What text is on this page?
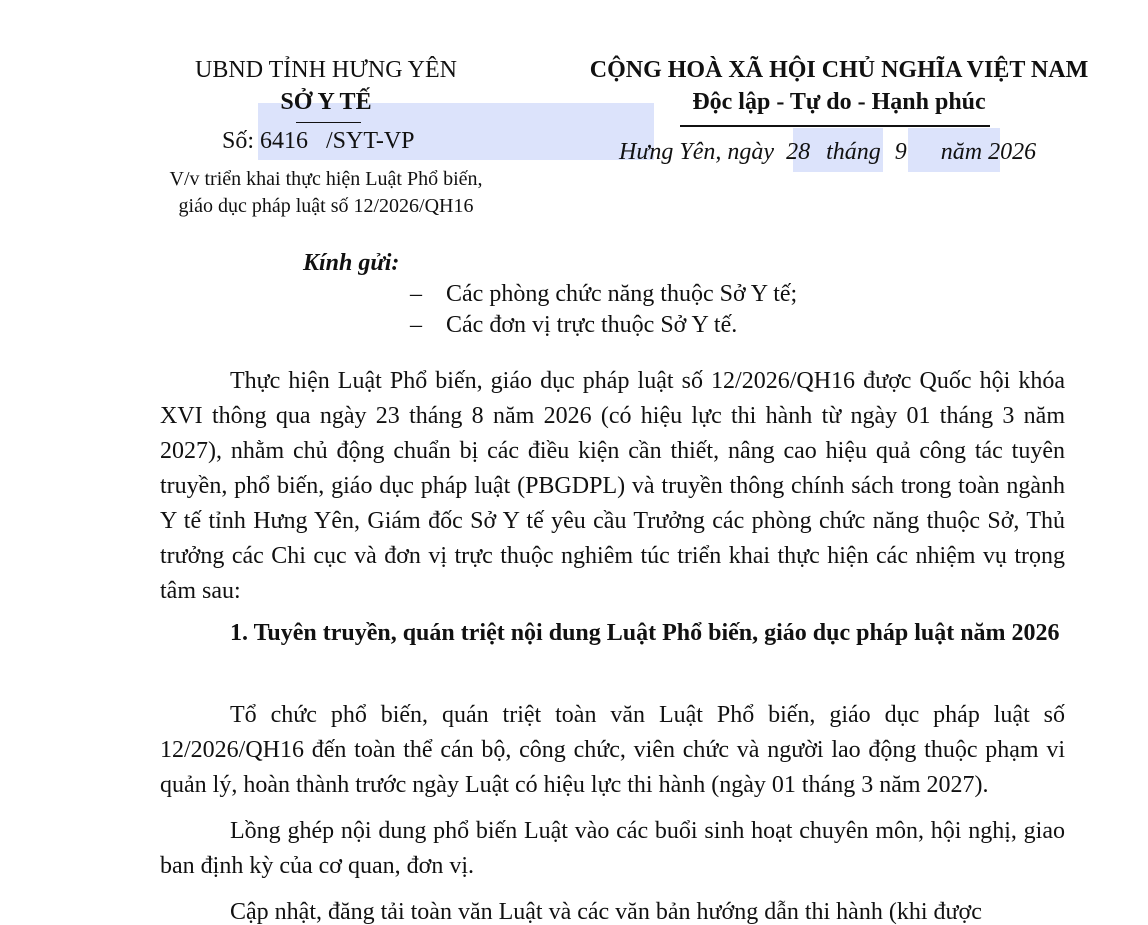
UBND TỈNH HƯNG YÊN
SỞ Y TẾ
Số: 6416 /SYT-VP
V/v triển khai thực hiện Luật Phổ biến,
giáo dục pháp luật số 12/2026/QH16
CỘNG HOÀ XÃ HỘI CHỦ NGHĨA VIỆT NAM
Độc lập - Tự do - Hạnh phúc
Hưng Yên, ngày 28 tháng 9 năm 2026
Kính gửi:
– Các phòng chức năng thuộc Sở Y tế;
– Các đơn vị trực thuộc Sở Y tế.

Thực hiện Luật Phổ biến, giáo dục pháp luật số 12/2026/QH16 được Quốc hội khóa XVI thông qua ngày 23 tháng 8 năm 2026 (có hiệu lực thi hành từ ngày 01 tháng 3 năm 2027), nhằm chủ động chuẩn bị các điều kiện cần thiết, nâng cao hiệu quả công tác tuyên truyền, phổ biến, giáo dục pháp luật (PBGDPL) và truyền thông chính sách trong toàn ngành Y tế tỉnh Hưng Yên, Giám đốc Sở Y tế yêu cầu Trưởng các phòng chức năng thuộc Sở, Thủ trưởng các Chi cục và đơn vị trực thuộc nghiêm túc triển khai thực hiện các nhiệm vụ trọng tâm sau:

1. Tuyên truyền, quán triệt nội dung Luật Phổ biến, giáo dục pháp luật năm 2026

Tổ chức phổ biến, quán triệt toàn văn Luật Phổ biến, giáo dục pháp luật số 12/2026/QH16 đến toàn thể cán bộ, công chức, viên chức và người lao động thuộc phạm vi quản lý, hoàn thành trước ngày Luật có hiệu lực thi hành (ngày 01 tháng 3 năm 2027).

Lồng ghép nội dung phổ biến Luật vào các buổi sinh hoạt chuyên môn, hội nghị, giao ban định kỳ của cơ quan, đơn vị.

Cập nhật, đăng tải toàn văn Luật và các văn bản hướng dẫn thi hành (khi được
